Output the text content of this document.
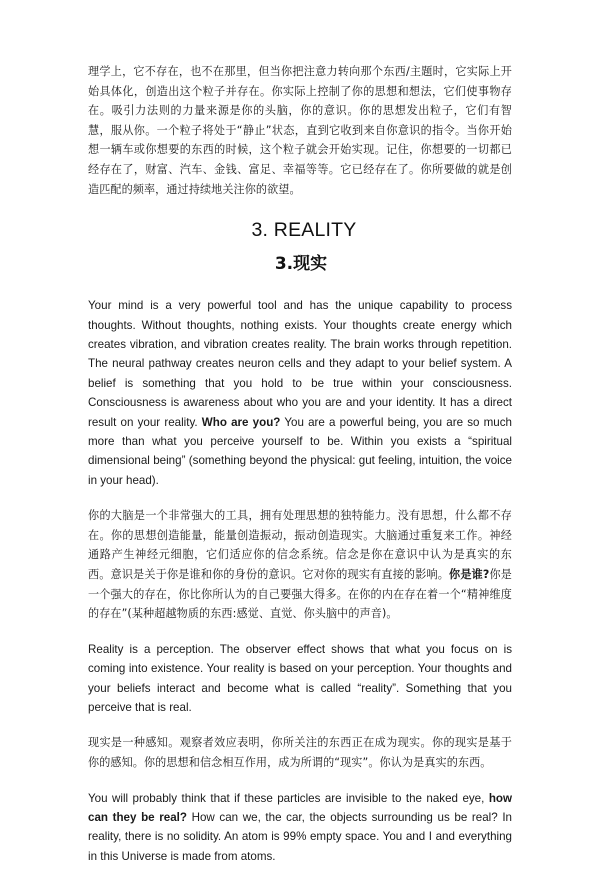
理学上，它不存在，也不在那里，但当你把注意力转向那个东西/主题时，它实际上开始具体化，创造出这个粒子并存在。你实际上控制了你的思想和想法，它们使事物存在。吸引力法则的力量来源是你的头脑，你的意识。你的思想发出粒子，它们有智慧，服从你。一个粒子将处于“静止”状态，直到它收到来自你意识的指令。当你开始想一辆车或你想要的东西的时候，这个粒子就会开始实现。记住，你想要的一切都已经存在了，财富、汽车、金钱、富足、幸福等等。它已经存在了。你所要做的就是创造匹配的频率，通过持续地关注你的欲望。

3. REALITY
3.现实

Your mind is a very powerful tool and has the unique capability to process thoughts. Without thoughts, nothing exists. Your thoughts create energy which creates vibration, and vibration creates reality. The brain works through repetition. The neural pathway creates neuron cells and they adapt to your belief system. A belief is something that you hold to be true within your consciousness. Consciousness is awareness about who you are and your identity. It has a direct result on your reality. Who are you? You are a powerful being, you are so much more than what you perceive yourself to be. Within you exists a “spiritual dimensional being” (something beyond the physical: gut feeling, intuition, the voice in your head).

你的大脑是一个非常强大的工具，拥有处理思想的独特能力。没有思想，什么都不存在。你的思想创造能量，能量创造振动，振动创造现实。大脑通过重复来工作。神经通路产生神经元细胞，它们适应你的信念系统。信念是你在意识中认为是真实的东西。意识是关于你是谁和你的身份的意识。它对你的现实有直接的影响。你是谁?你是一个强大的存在，你比你所认为的自己要强大得多。在你的内在存在着一个“精神维度的存在”(某种超越物质的东西:感觉、直觉、你头脑中的声音)。

Reality is a perception. The observer effect shows that what you focus on is coming into existence. Your reality is based on your perception. Your thoughts and your beliefs interact and become what is called “reality”. Something that you perceive that is real.

现实是一种感知。观察者效应表明，你所关注的东西正在成为现实。你的现实是基于你的感知。你的思想和信念相互作用，成为所谓的“现实”。你认为是真实的东西。

You will probably think that if these particles are invisible to the naked eye, how can they be real? How can we, the car, the objects surrounding us be real? In reality, there is no solidity. An atom is 99% empty space. You and I and everything in this Universe is made from atoms.
